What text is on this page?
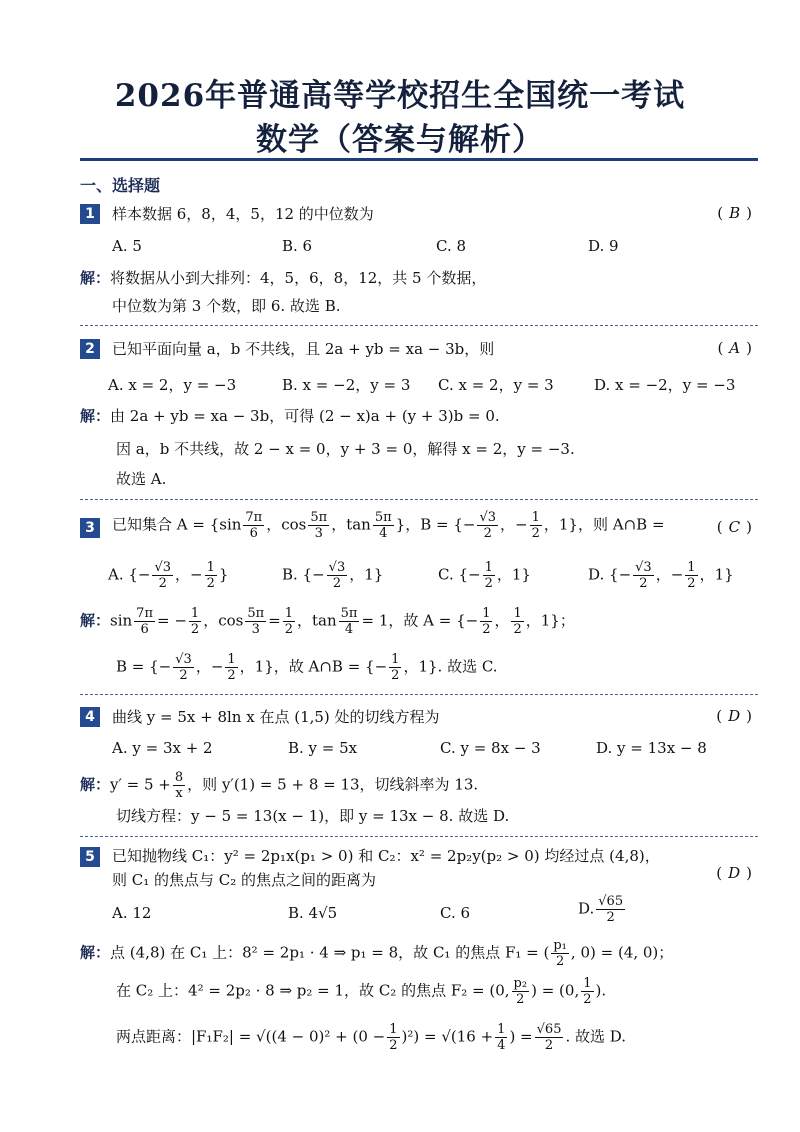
2026年普通高等学校招生全国统一考试
数学（答案与解析）
一、选择题
1	样本数据 6，8，4，5，12 的中位数为	( B )
A. 5	B. 6	C. 8	D. 9
解：将数据从小到大排列：4，5，6，8，12，共 5 个数据，
中位数为第 3 个数，即 6. 故选 B.
2	已知平面向量 a，b 不共线，且 2a + yb = xa − 3b，则	( A )
A. x = 2，y = −3	B. x = −2，y = 3 C. x = 2，y = 3	D. x = −2，y = −3
解：由 2a + yb = xa − 3b，可得 (2 − x)a + (y + 3)b = 0.
因 a，b 不共线，故 2 − x = 0，y + 3 = 0，解得 x = 2，y = −3.
故选 A.
3	已知集合 $A = \{\sin \frac{7\pi}{6}$ ，$\cos \frac{5\pi}{3}$ ，$\tan \frac{5\pi}{4}$ }，B = {− $\frac{√3}{2}$ ，− $\frac{1}{2}$ ，1}，则 A∩B =	( C )
A. {− $\frac{√3}{2}$ ，− $\frac{1}{2}$ }	B. {− $\frac{√3}{2}$ ，1}	C. {− $\frac{1}{2}$ ，1}	D. {− $\frac{√3}{2}$ ，− $\frac{1}{2}$ ，1}
解：$\sin \frac{7\pi}{6}$ = − $\frac{1}{2}$ ，$\cos \frac{5\pi}{3} = \frac{1}{2}$ ，$\tan \frac{5\pi}{4} = 1$，故 A = {− $\frac{1}{2}$ ， $\frac{1}{2}$ ，1}；
B = {− $\frac{√3}{2}$ ，− $\frac{1}{2}$ ，1}，故 A∩B = {− $\frac{1}{2}$ ，1}. 故选 C.
4	曲线 y = 5x + 8ln x 在点 (1,5) 处的切线方程为	( D )
A. y = 3x + 2	B. y = 5x	C. y = 8x − 3	D. y = 13x − 8
解：$y' = 5 + \frac{8}{x}$ ，则 y′(1) = 5 + 8 = 13，切线斜率为 13.
切线方程：y − 5 = 13(x − 1)，即 y = 13x − 8. 故选 D.
5	已知抛物线 C₁：y² = 2p₁x(p₁ > 0) 和 C₂：x² = 2p₂y(p₂ > 0) 均经过点 (4,8)，
则 C₁ 的焦点与 C₂ 的焦点之间的距离为	( D )
A. 12	B. 4√5	C. 6	D. $\frac{√65}{2}$
解：点 (4,8) 在 C₁ 上：8² = 2p₁ · 4 ⇒ p₁ = 8，故 C₁ 的焦点 F₁ = ( $\frac{\text{p₁}}{2}$ , 0) = (4, 0)；
在 C₂ 上：4² = 2p₂ · 8 ⇒ p₂ = 1，故 C₂ 的焦点 F₂ = (0, $\frac{\text{p₂}}{2}$ ) = (0, $\frac{1}{2}$ ).
两点距离：$|F_1F_2| = √((4 - 0)^2 + (0 - \frac{1}{2} )^2) = √(16 + \frac{1}{4}$ ) = $\frac{√65}{2}$ . 故选 D.
